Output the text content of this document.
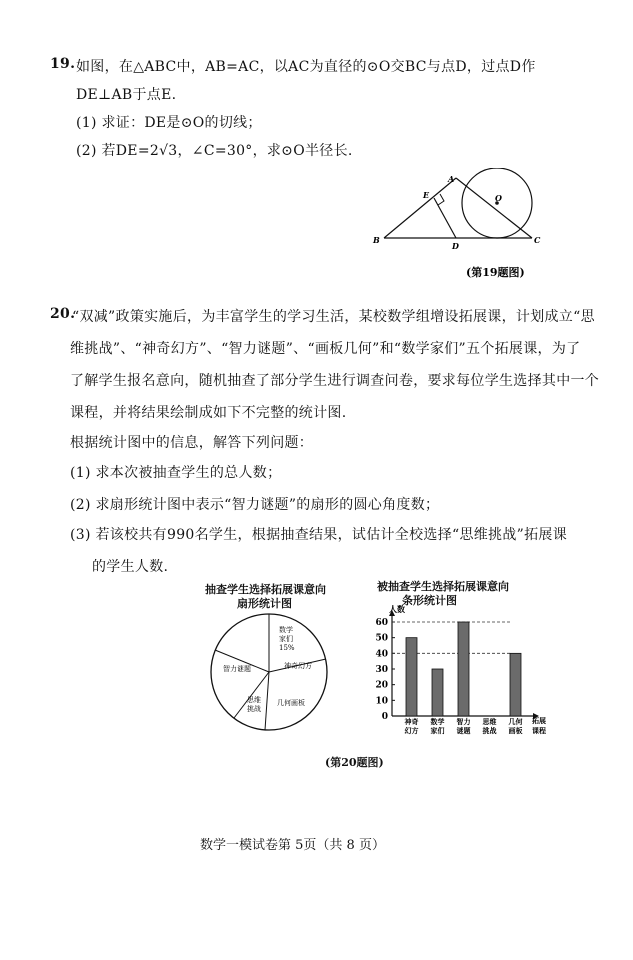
19. 如图，在△ABC中，AB=AC，以AC为直径的⊙O交BC与点D，过点D作
DE⊥AB于点E.
(1) 求证：DE是⊙O的切线；
(2) 若DE=2√3，∠C=30°，求⊙O半径长.
A
E	O
B
D
C
(第19题图)
20.
“双减”政策实施后，为丰富学生的学习生活，某校数学组增设拓展课，计划成立“思
维挑战”、“神奇幻方”、“智力谜题”、“画板几何”和“数学家们”五个拓展课，为了
了解学生报名意向，随机抽查了部分学生进行调查问卷，要求每位学生选择其中一个
课程，并将结果绘制成如下不完整的统计图.
根据统计图中的信息，解答下列问题：
(1) 求本次被抽查学生的总人数；
(2) 求扇形统计图中表示“智力谜题”的扇形的圆心角度数；
(3) 若该校共有990名学生，根据抽查结果，试估计全校选择“思维挑战”拓展课
的学生人数.
抽查学生选择拓展课意向
扇形统计图
数学
家们
15%
神奇幻方
几何画板
思维
挑战
智力谜题
被抽查学生选择拓展课意向
条形统计图
0
10
20
30
40
50
60
神奇
幻方
数学
家们
智力
谜题
思维
挑战
几何
画板
人数
拓展
课程
(第20题图)
数学一模试卷第 5页（共 8 页）
